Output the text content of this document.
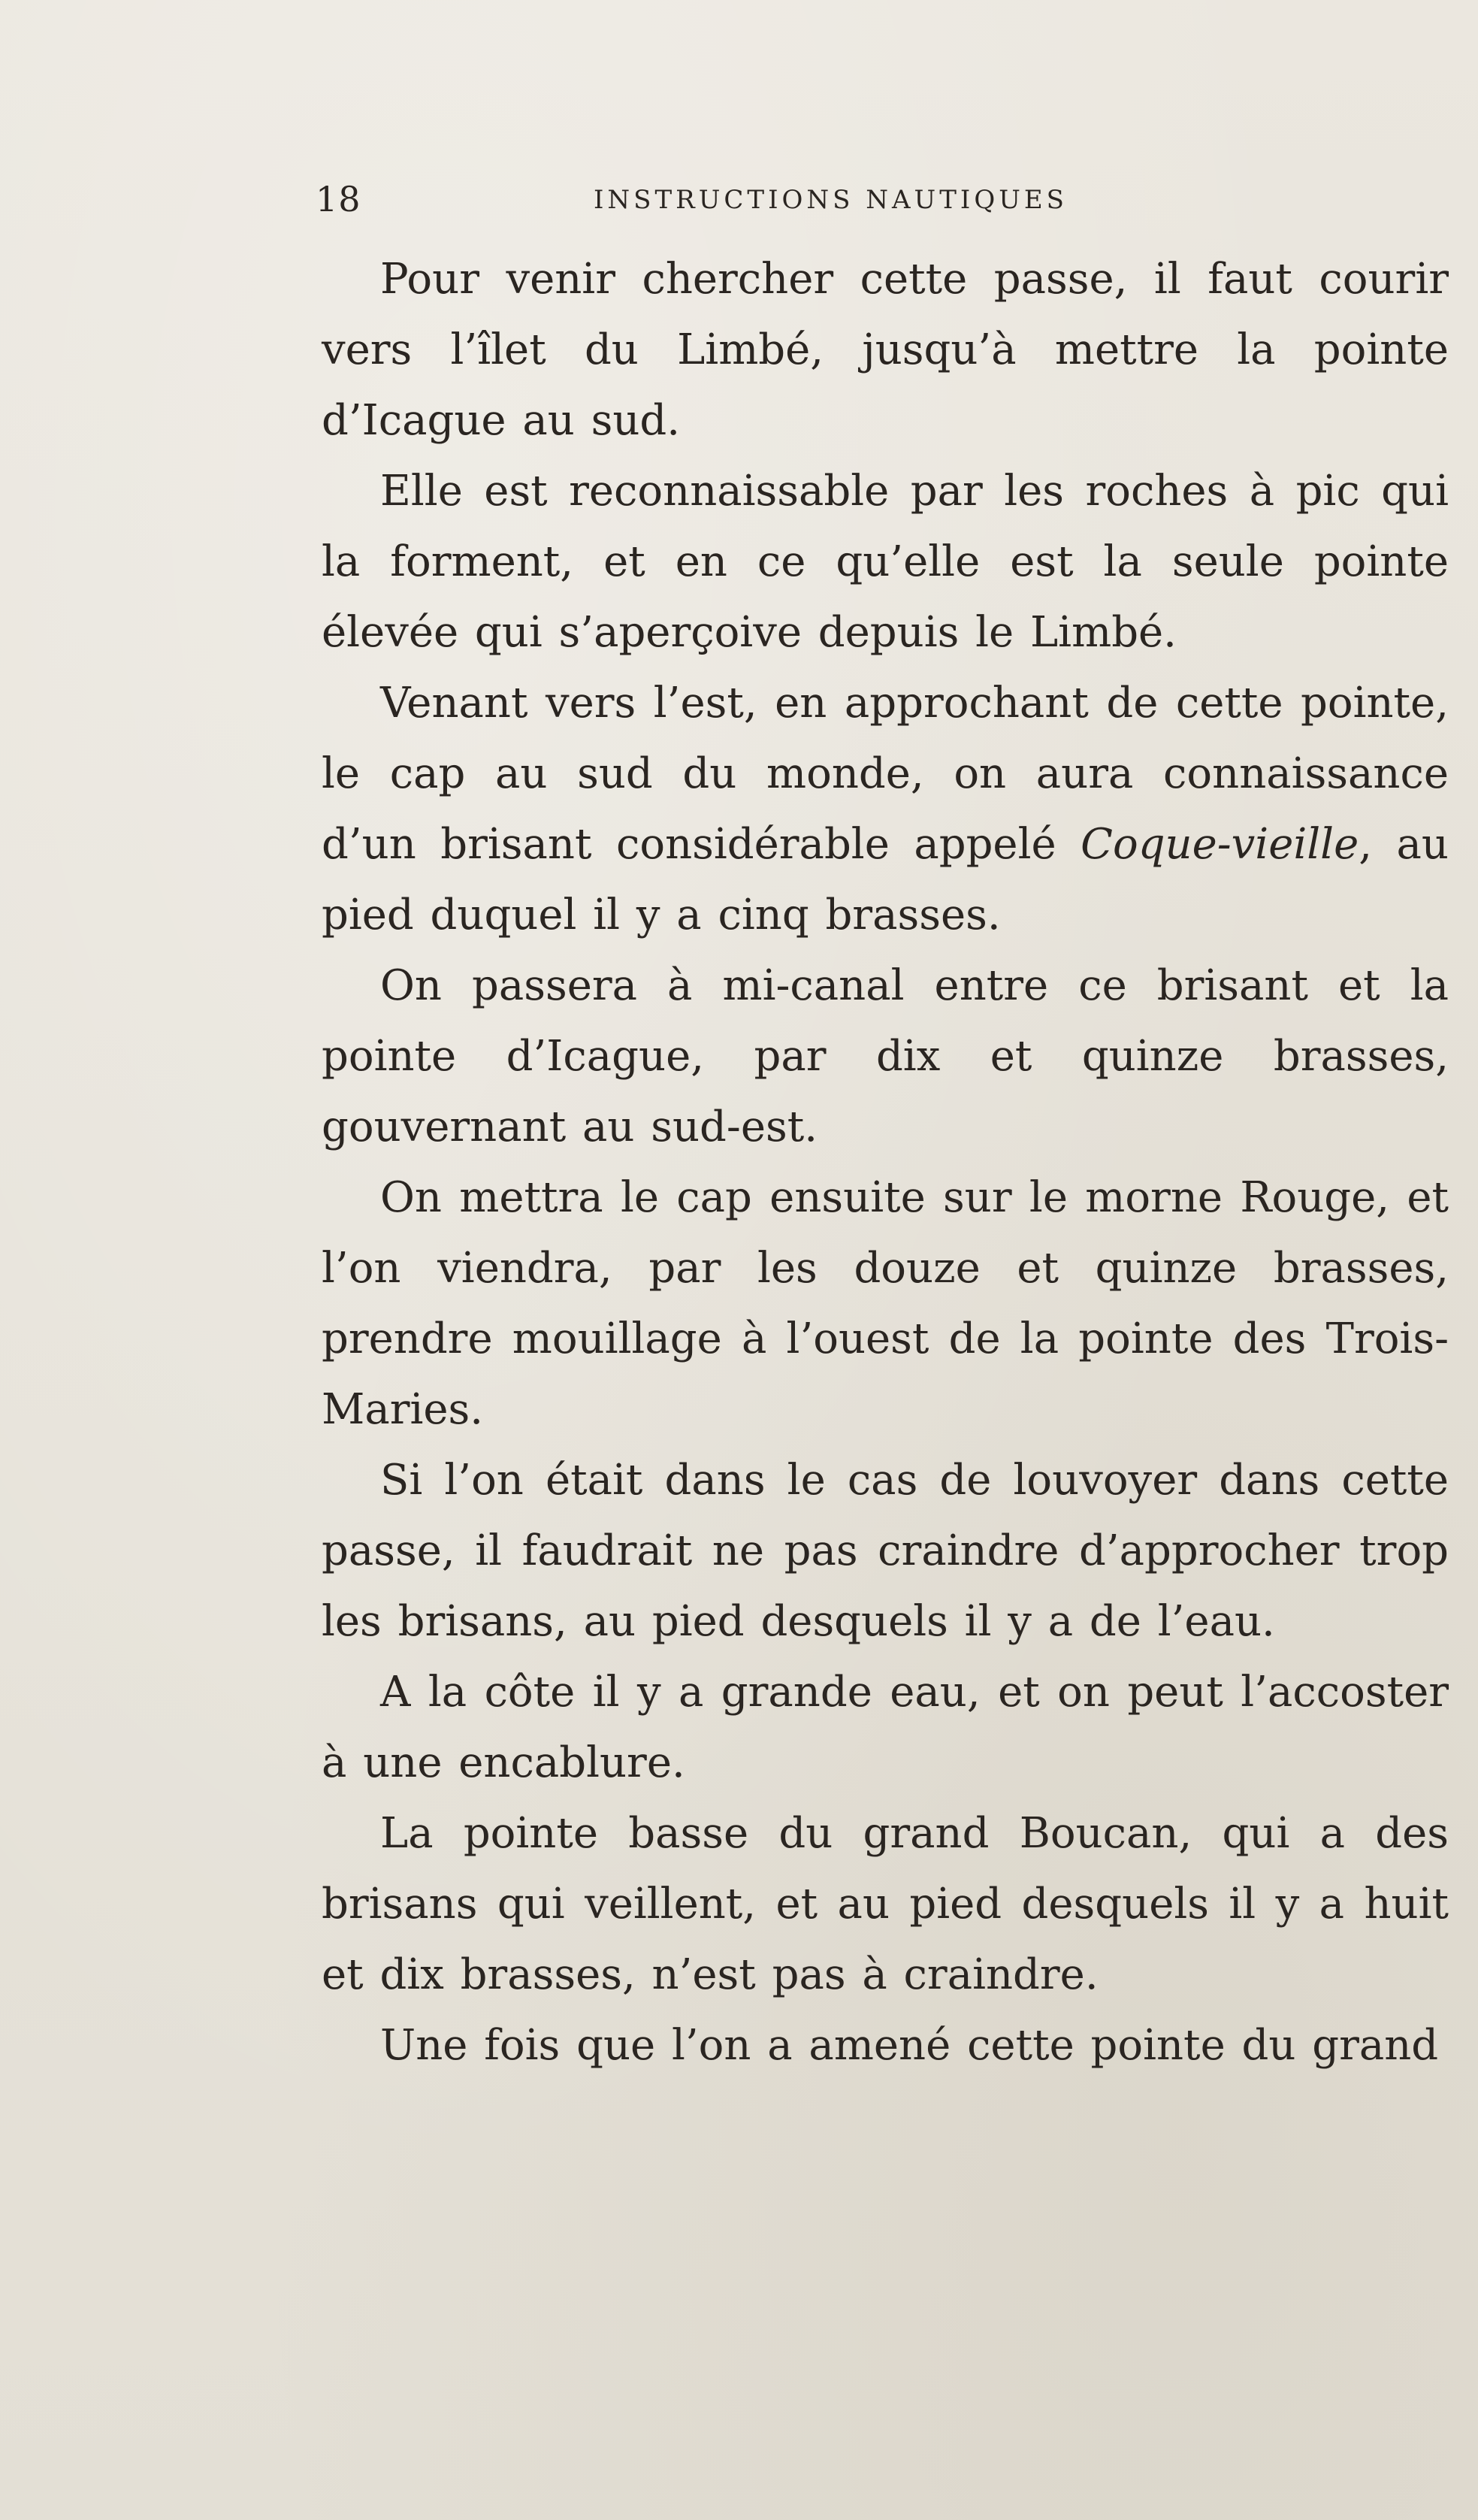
18	INSTRUCTIONS NAUTIQUES

Pour venir chercher cette passe, il faut courir vers l’îlet du Limbé, jusqu’à mettre la pointe d’Icague au sud.

Elle est reconnaissable par les roches à pic qui la forment, et en ce qu’elle est la seule pointe élevée qui s’aperçoive depuis le Limbé.

Venant vers l’est, en approchant de cette pointe, le cap au sud du monde, on aura connaissance d’un brisant considérable appelé Coque-vieille, au pied duquel il y a cinq brasses.

On passera à mi-canal entre ce brisant et la pointe d’Icague, par dix et quinze brasses, gouvernant au sud-est.

On mettra le cap ensuite sur le morne Rouge, et l’on viendra, par les douze et quinze brasses, prendre mouillage à l’ouest de la pointe des Trois-Maries.

Si l’on était dans le cas de louvoyer dans cette passe, il faudrait ne pas craindre d’approcher trop les brisans, au pied desquels il y a de l’eau.

A la côte il y a grande eau, et on peut l’accoster à une encablure.

La pointe basse du grand Boucan, qui a des brisans qui veillent, et au pied desquels il y a huit et dix brasses, n’est pas à craindre.

Une fois que l’on a amené cette pointe du grand
